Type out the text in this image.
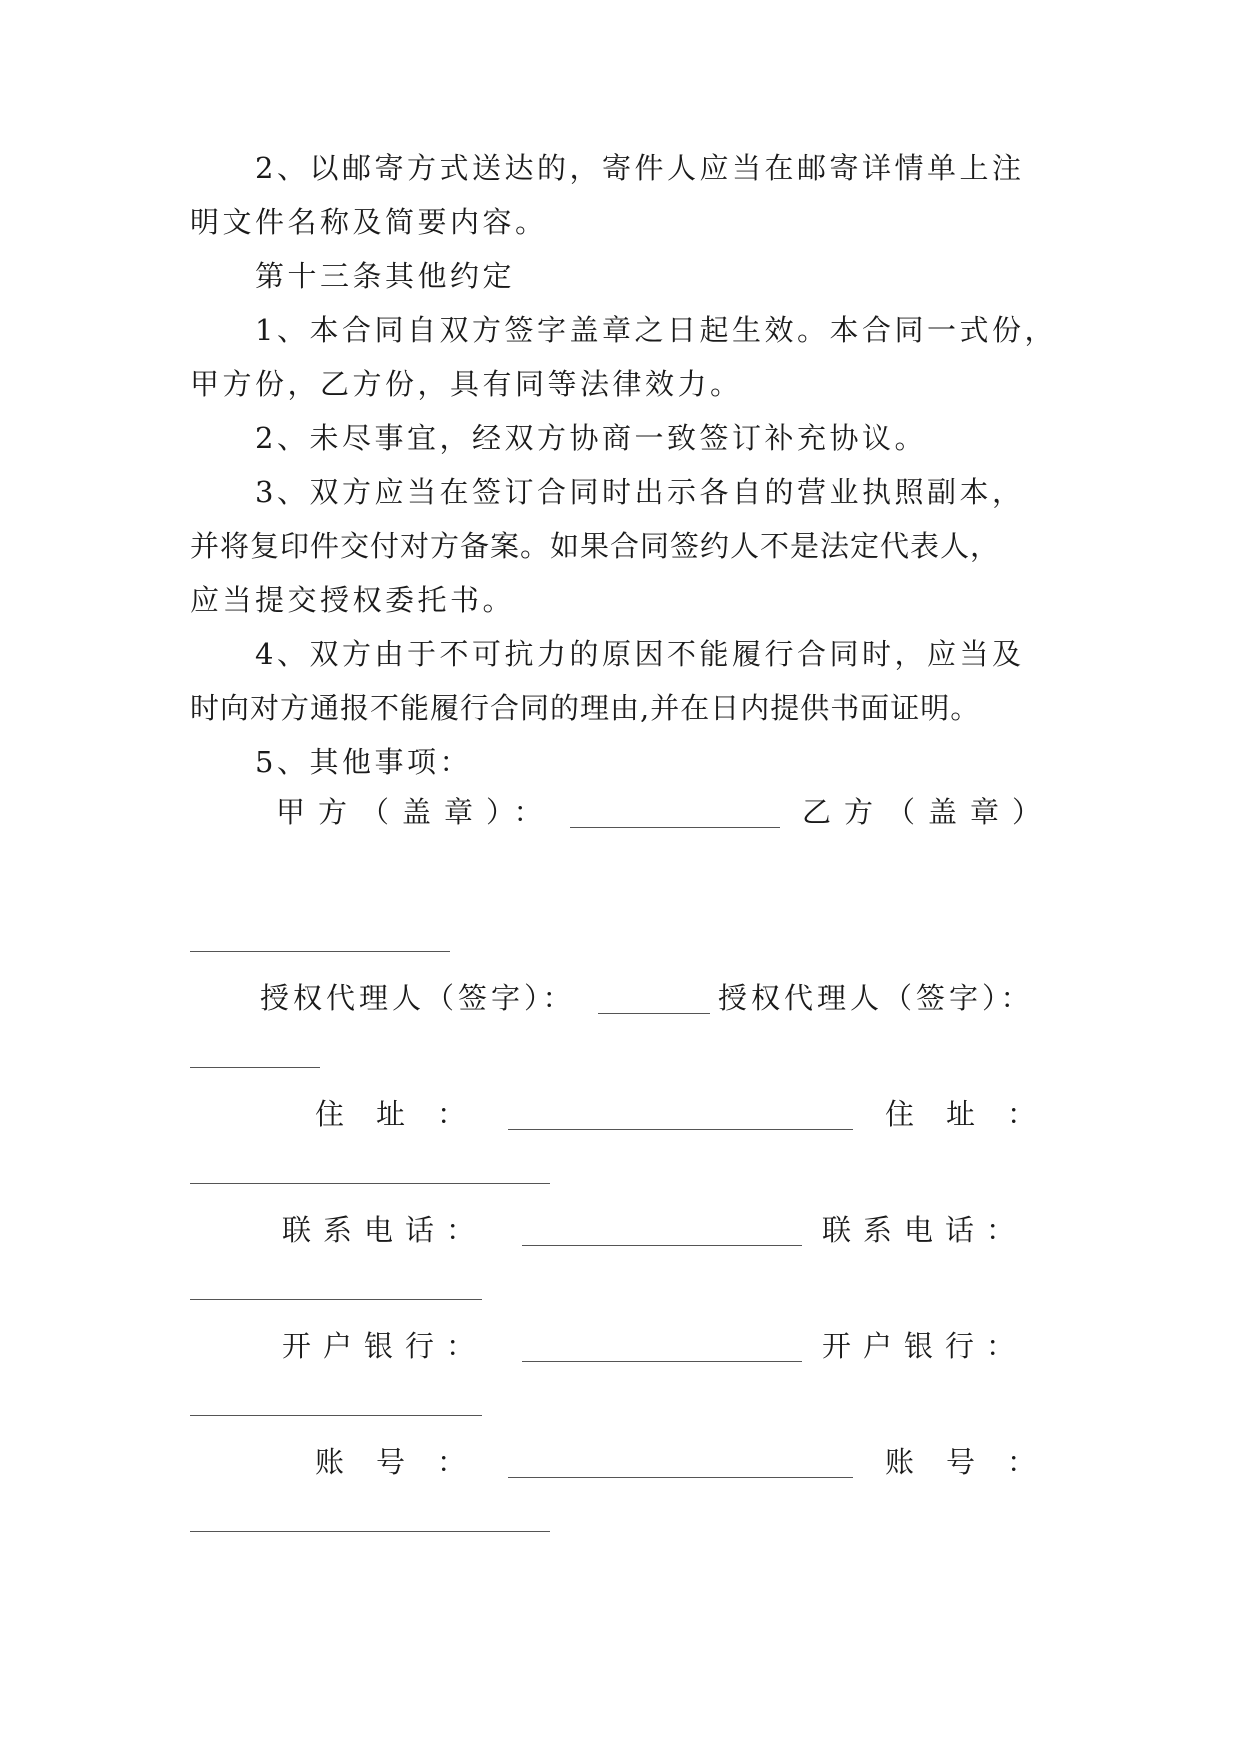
2、以邮寄方式送达的，寄件人应当在邮寄详情单上注
明文件名称及简要内容。
第十三条其他约定
1、本合同自双方签字盖章之日起生效。本合同一式份，
甲方份，乙方份，具有同等法律效力。
2、未尽事宜，经双方协商一致签订补充协议。
3、双方应当在签订合同时出示各自的营业执照副本，
并将复印件交付对方备案。如果合同签约人不是法定代表人，
应当提交授权委托书。
4、双方由于不可抗力的原因不能履行合同时，应当及
时向对方通报不能履行合同的理由,并在日内提供书面证明。
5、其他事项：
甲方（盖章）：	乙方（盖章）
授权代理人（签字）：	授权代理人（签字）：
住址：	住址：
联系电话：	联系电话：
开户银行：	开户银行：
账号：	账号：
